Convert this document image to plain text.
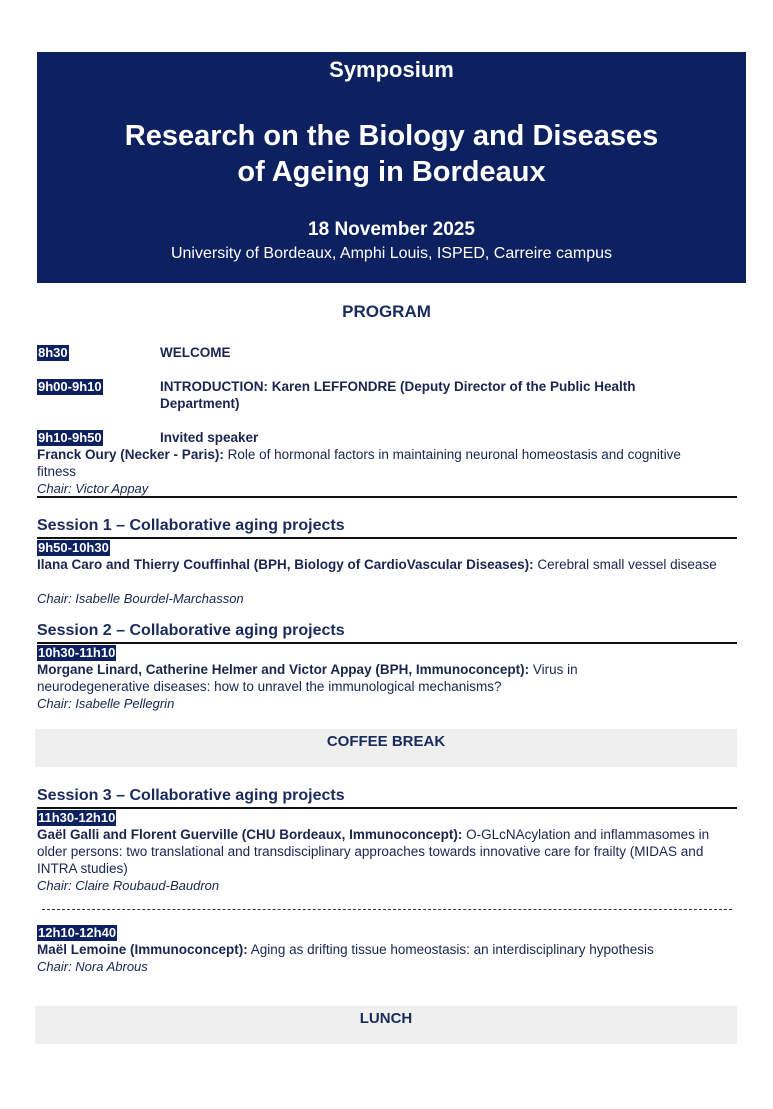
Symposium
Research on the Biology and Diseases
of Ageing in Bordeaux
18 November 2025
University of Bordeaux, Amphi Louis, ISPED, Carreire campus
PROGRAM
8h30	WELCOME
9h00-9h10	INTRODUCTION: Karen LEFFONDRE (Deputy Director of the Public Health
Department)
9h10-9h50	Invited speaker
Franck Oury (Necker - Paris): Role of hormonal factors in maintaining neuronal homeostasis and cognitive fitness
Chair: Victor Appay
Session 1 – Collaborative aging projects
9h50-10h30
Ilana Caro and Thierry Couffinhal (BPH, Biology of CardioVascular Diseases): Cerebral small vessel disease
Chair: Isabelle Bourdel-Marchasson
Session 2 – Collaborative aging projects
10h30-11h10
Morgane Linard, Catherine Helmer and Victor Appay (BPH, Immunoconcept): Virus in neurodegenerative diseases: how to unravel the immunological mechanisms?
Chair: Isabelle Pellegrin
COFFEE BREAK
Session 3 – Collaborative aging projects
11h30-12h10
Gaël Galli and Florent Guerville (CHU Bordeaux, Immunoconcept): O-GLcNAcylation and inflammasomes in older persons: two translational and transdisciplinary approaches towards innovative care for frailty (MIDAS and INTRA studies)
Chair: Claire Roubaud-Baudron
12h10-12h40
Maël Lemoine (Immunoconcept): Aging as drifting tissue homeostasis: an interdisciplinary hypothesis
Chair: Nora Abrous
LUNCH
